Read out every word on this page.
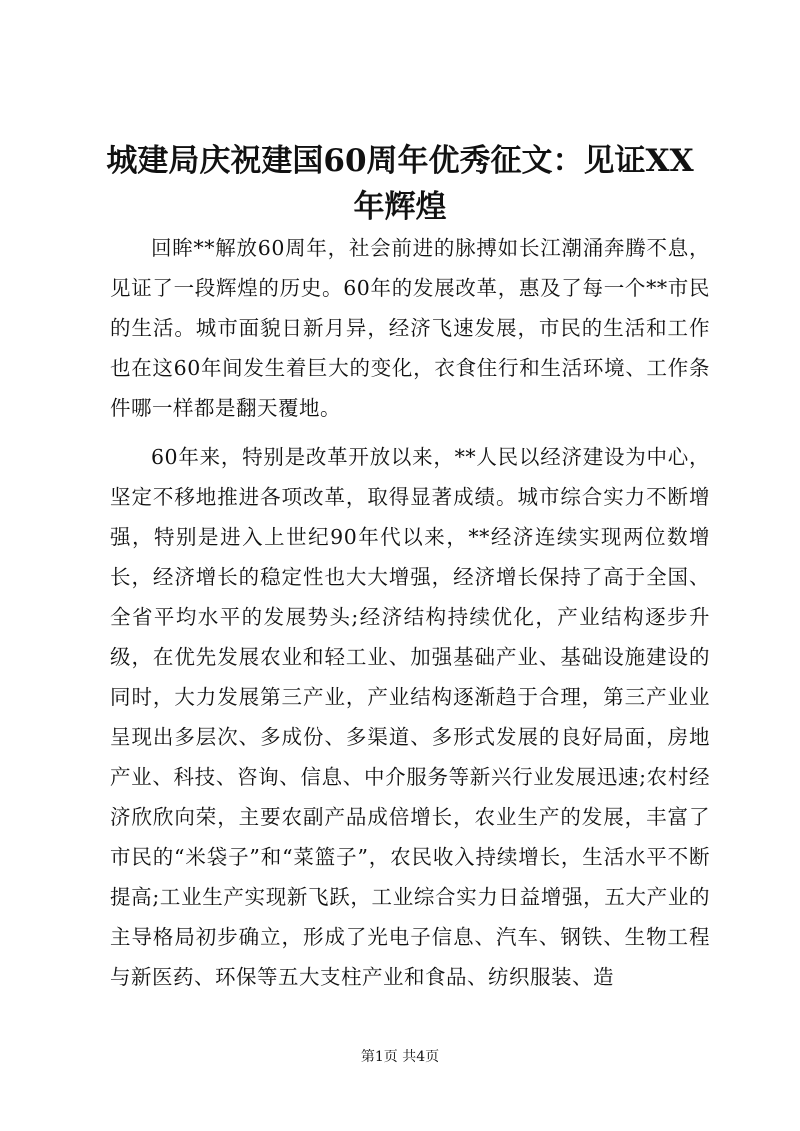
城建局庆祝建国60周年优秀征文：见证XX年辉煌

回眸**解放60周年，社会前进的脉搏如长江潮涌奔腾不息，见证了一段辉煌的历史。60年的发展改革，惠及了每一个**市民的生活。城市面貌日新月异，经济飞速发展，市民的生活和工作也在这60年间发生着巨大的变化，衣食住行和生活环境、工作条件哪一样都是翻天覆地。

60年来，特别是改革开放以来，**人民以经济建设为中心，坚定不移地推进各项改革，取得显著成绩。城市综合实力不断增强，特别是进入上世纪90年代以来，**经济连续实现两位数增长，经济增长的稳定性也大大增强，经济增长保持了高于全国、全省平均水平的发展势头;经济结构持续优化，产业结构逐步升级，在优先发展农业和轻工业、加强基础产业、基础设施建设的同时，大力发展第三产业，产业结构逐渐趋于合理，第三产业业呈现出多层次、多成份、多渠道、多形式发展的良好局面，房地产业、科技、咨询、信息、中介服务等新兴行业发展迅速;农村经济欣欣向荣，主要农副产品成倍增长，农业生产的发展，丰富了市民的“米袋子”和“菜篮子”，农民收入持续增长，生活水平不断提高;工业生产实现新飞跃，工业综合实力日益增强，五大产业的主导格局初步确立，形成了光电子信息、汽车、钢铁、生物工程与新医药、环保等五大支柱产业和食品、纺织服装、造

第1页 共4页
